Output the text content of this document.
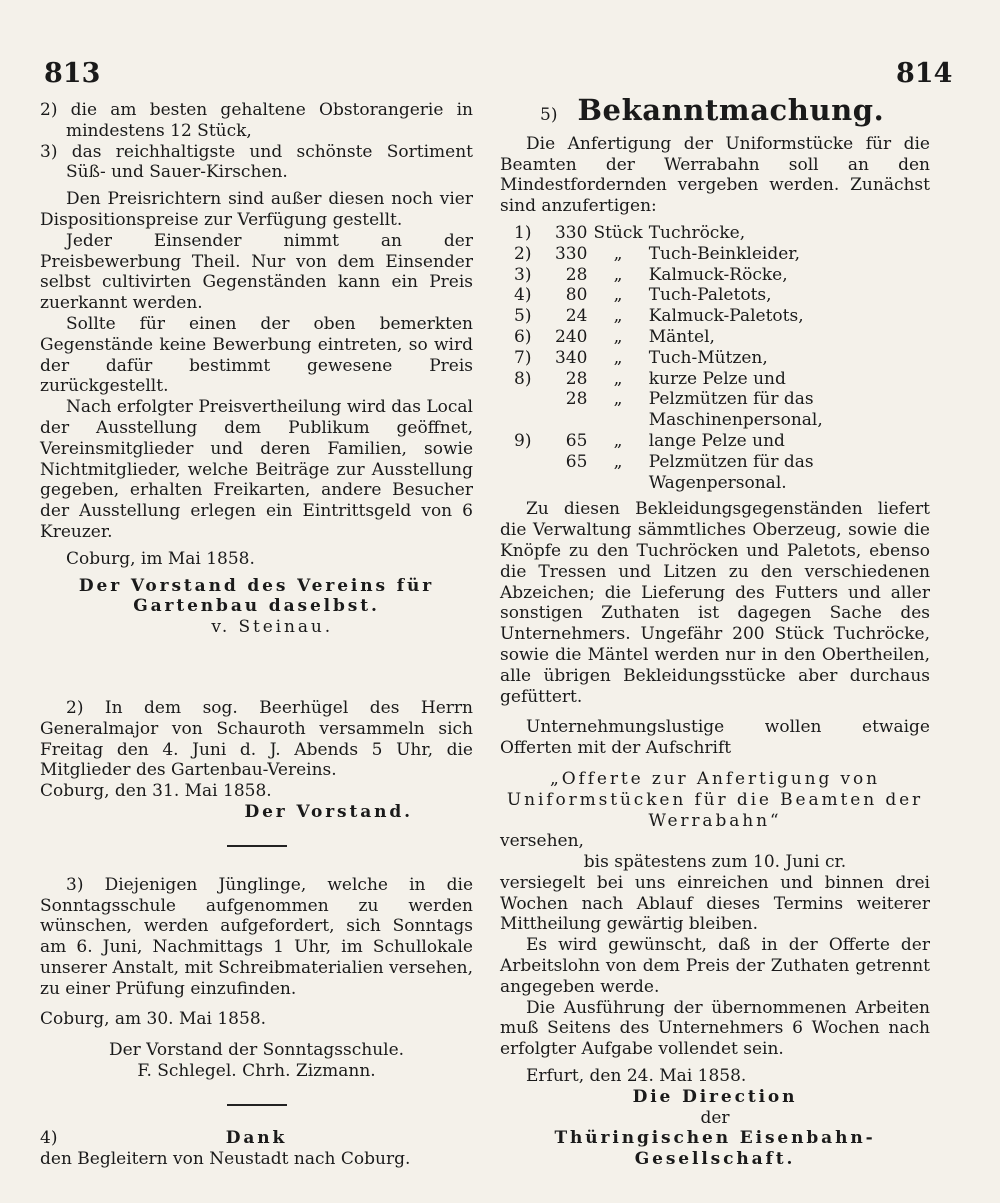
813	814

2) die am besten gehaltene Obstorangerie in mindestens 12 Stück,

3) das reichhaltigste und schönste Sortiment Süß- und Sauer-Kirschen.

Den Preisrichtern sind außer diesen noch vier Dispositionspreise zur Verfügung gestellt.

Jeder Einsender nimmt an der Preisbewerbung Theil. Nur von dem Einsender selbst cultivirten Gegenständen kann ein Preis zuerkannt werden.

Sollte für einen der oben bemerkten Gegenstände keine Bewerbung eintreten, so wird der dafür bestimmt gewesene Preis zurückgestellt.

Nach erfolgter Preisvertheilung wird das Local der Ausstellung dem Publikum geöffnet, Vereinsmitglieder und deren Familien, sowie Nichtmitglieder, welche Beiträge zur Ausstellung gegeben, erhalten Freikarten, andere Besucher der Ausstellung erlegen ein Eintrittsgeld von 6 Kreuzer.

Coburg, im Mai 1858.

Der Vorstand des Vereins für Gartenbau daselbst.

v. Steinau.

2) In dem sog. Beerhügel des Herrn Generalmajor von Schauroth versammeln sich Freitag den 4. Juni d. J. Abends 5 Uhr, die Mitglieder des Gartenbau-Vereins.

Coburg, den 31. Mai 1858.

Der Vorstand.

3) Diejenigen Jünglinge, welche in die Sonntagsschule aufgenommen zu werden wünschen, werden aufgefordert, sich Sonntags am 6. Juni, Nachmittags 1 Uhr, im Schullokale unserer Anstalt, mit Schreibmaterialien versehen, zu einer Prüfung einzufinden.

Coburg, am 30. Mai 1858.

Der Vorstand der Sonntagsschule.

F. Schlegel. Chrh. Zizmann.

4)	Dank

den Begleitern von Neustadt nach Coburg.

5) Bekanntmachung.

Die Anfertigung der Uniformstücke für die Beamten der Werrabahn soll an den Mindestfordernden vergeben werden. Zunächst sind anzufertigen:

1)	330	Stück	Tuchröcke,
2)	330	„	Tuch-Beinkleider,
3)	28	„	Kalmuck-Röcke,
4)	80	„	Tuch-Paletots,
5)	24	„	Kalmuck-Paletots,
6)	240	„	Mäntel,
7)	340	„	Tuch-Mützen,
8)	28	„	kurze Pelze und
	28	„	Pelzmützen für das Maschinenpersonal,
9)	65	„	lange Pelze und
	65	„	Pelzmützen für das Wagenpersonal.

Zu diesen Bekleidungsgegenständen liefert die Verwaltung sämmtliches Oberzeug, sowie die Knöpfe zu den Tuchröcken und Paletots, ebenso die Tressen und Litzen zu den verschiedenen Abzeichen; die Lieferung des Futters und aller sonstigen Zuthaten ist dagegen Sache des Unternehmers. Ungefähr 200 Stück Tuchröcke, sowie die Mäntel werden nur in den Obertheilen, alle übrigen Bekleidungsstücke aber durchaus gefüttert.

Unternehmungslustige wollen etwaige Offerten mit der Aufschrift

„Offerte zur Anfertigung von Uniformstücken für die Beamten der Werrabahn“

versehen,

bis spätestens zum 10. Juni cr.

versiegelt bei uns einreichen und binnen drei Wochen nach Ablauf dieses Termins weiterer Mittheilung gewärtig bleiben.

Es wird gewünscht, daß in der Offerte der Arbeitslohn von dem Preis der Zuthaten getrennt angegeben werde.

Die Ausführung der übernommenen Arbeiten muß Seitens des Unternehmers 6 Wochen nach erfolgter Aufgabe vollendet sein.

Erfurt, den 24. Mai 1858.

Die Direction

der

Thüringischen Eisenbahn-Gesellschaft.
